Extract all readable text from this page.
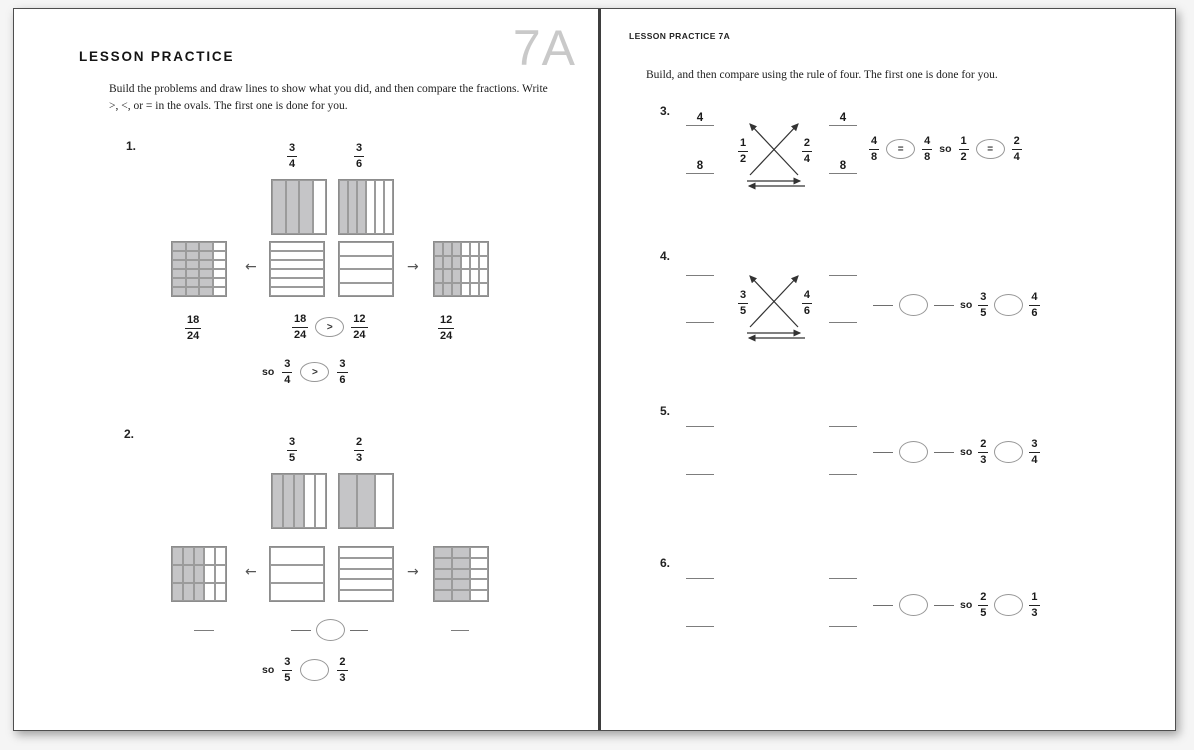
LESSON PRACTICE	7A
Build the problems and draw lines to show what you did, and then compare the fractions. Write >, <, or = in the ovals. The first one is done for you.
1.	$\frac{3}{4}$	$\frac{3}{6}$
←	→
$\frac{18}{24}$	$\frac{18}{24}$	>	$\frac{12}{24}$	$\frac{12}{24}$
so $\frac{3}{4}$	>	$\frac{3}{6}$
2.
$\frac{3}{5}$	$\frac{2}{3}$
←	→
so $\frac{3}{5}$	$\frac{2}{3}$
LESSON PRACTICE 7A
Build, and then compare using the rule of four. The first one is done for you.
3. 4
8
$\frac{1}{2}$	$\frac{2}{4}$
4
8
$\frac{4}{8}$	=	$\frac{4}{8}$ so $\frac{1}{2}$	=	$\frac{2}{4}$
4.
$\frac{3}{5}$	$\frac{4}{6}$	so $\frac{3}{5}$	$\frac{4}{6}$
5.
so $\frac{2}{3}$	$\frac{3}{4}$
6.
so $\frac{2}{5}$	$\frac{1}{3}$
